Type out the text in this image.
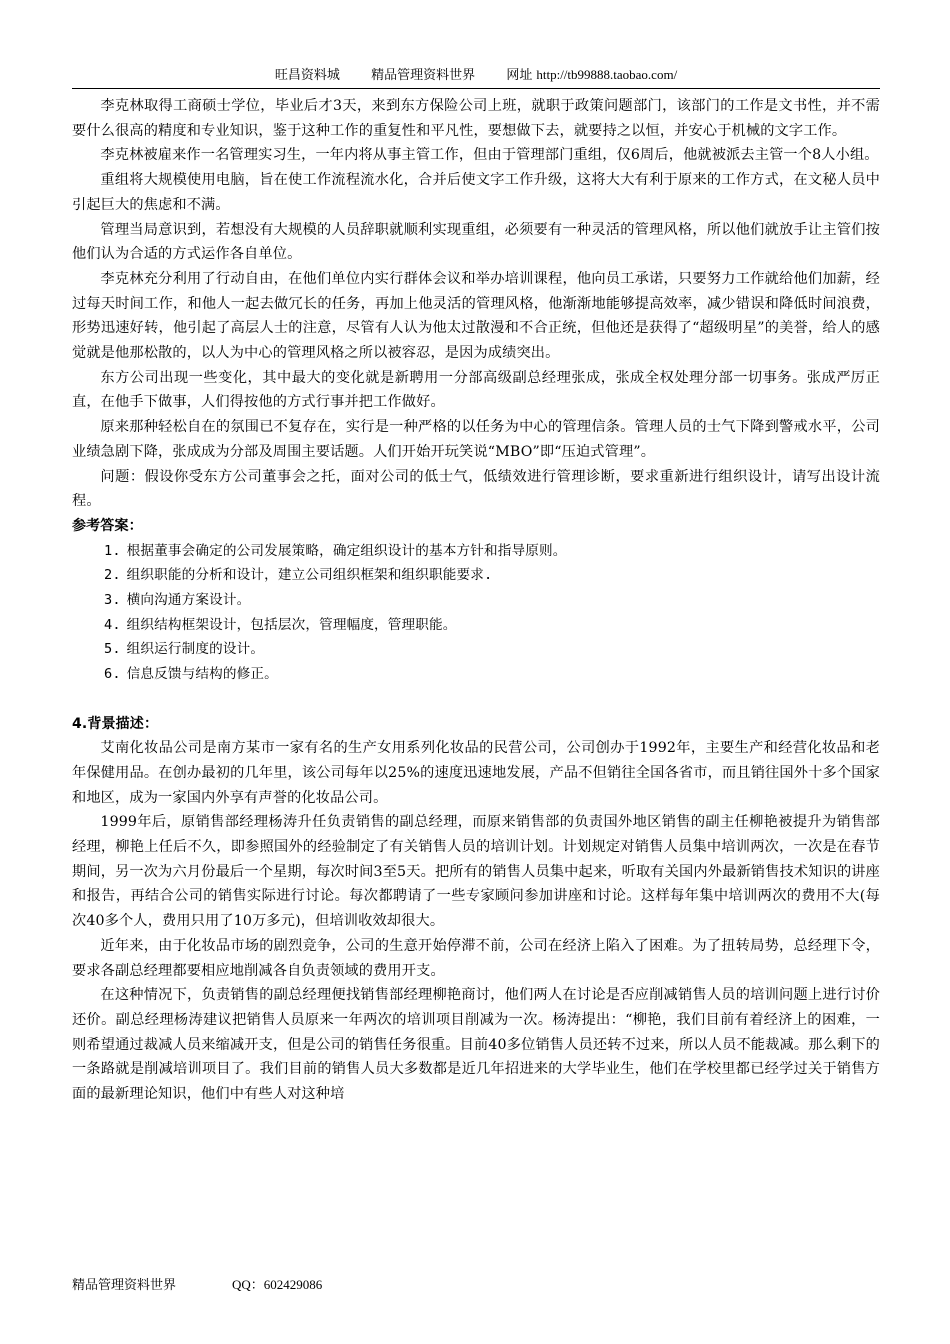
旺昌资料城 精品管理资料世界 网址 http://tb99888.taobao.com/

李克林取得工商硕士学位，毕业后才3天，来到东方保险公司上班，就职于政策问题部门，该部门的工作是文书性，并不需要什么很高的精度和专业知识，鉴于这种工作的重复性和平凡性，要想做下去，就要持之以恒，并安心于机械的文字工作。

李克林被雇来作一名管理实习生，一年内将从事主管工作，但由于管理部门重组，仅6周后，他就被派去主管一个8人小组。

重组将大规模使用电脑，旨在使工作流程流水化，合并后使文字工作升级，这将大大有利于原来的工作方式，在文秘人员中引起巨大的焦虑和不满。

管理当局意识到，若想没有大规模的人员辞职就顺利实现重组，必须要有一种灵活的管理风格，所以他们就放手让主管们按他们认为合适的方式运作各自单位。

李克林充分利用了行动自由，在他们单位内实行群体会议和举办培训课程，他向员工承诺，只要努力工作就给他们加薪，经过每天时间工作，和他人一起去做冗长的任务，再加上他灵活的管理风格，他渐渐地能够提高效率，减少错误和降低时间浪费，形势迅速好转，他引起了高层人士的注意，尽管有人认为他太过散漫和不合正统，但他还是获得了“超级明星”的美誉，给人的感觉就是他那松散的，以人为中心的管理风格之所以被容忍，是因为成绩突出。

东方公司出现一些变化，其中最大的变化就是新聘用一分部高级副总经理张成，张成全权处理分部一切事务。张成严厉正直，在他手下做事，人们得按他的方式行事并把工作做好。

原来那种轻松自在的氛围已不复存在，实行是一种严格的以任务为中心的管理信条。管理人员的士气下降到警戒水平，公司业绩急剧下降，张成成为分部及周围主要话题。人们开始开玩笑说“MBO”即“压迫式管理”。

问题：假设你受东方公司董事会之托，面对公司的低士气，低绩效进行管理诊断，要求重新进行组织设计，请写出设计流程。

参考答案：

1. 根据董事会确定的公司发展策略，确定组织设计的基本方针和指导原则。
2. 组织职能的分析和设计，建立公司组织框架和组织职能要求.
3. 横向沟通方案设计。
4. 组织结构框架设计，包括层次，管理幅度，管理职能。
5. 组织运行制度的设计。
6. 信息反馈与结构的修正。

4.背景描述：

艾南化妆品公司是南方某市一家有名的生产女用系列化妆品的民营公司，公司创办于1992年，主要生产和经营化妆品和老年保健用品。在创办最初的几年里，该公司每年以25%的速度迅速地发展，产品不但销往全国各省市，而且销往国外十多个国家和地区，成为一家国内外享有声誉的化妆品公司。

1999年后，原销售部经理杨涛升任负责销售的副总经理，而原来销售部的负责国外地区销售的副主任柳艳被提升为销售部经理，柳艳上任后不久，即参照国外的经验制定了有关销售人员的培训计划。计划规定对销售人员集中培训两次，一次是在春节期间，另一次为六月份最后一个星期，每次时间3至5天。把所有的销售人员集中起来，听取有关国内外最新销售技术知识的讲座和报告，再结合公司的销售实际进行讨论。每次都聘请了一些专家顾问参加讲座和讨论。这样每年集中培训两次的费用不大(每次40多个人，费用只用了10万多元)，但培训收效却很大。

近年来，由于化妆品市场的剧烈竞争，公司的生意开始停滞不前，公司在经济上陷入了困难。为了扭转局势，总经理下令，要求各副总经理都要相应地削减各自负责领域的费用开支。

在这种情况下，负责销售的副总经理便找销售部经理柳艳商讨，他们两人在讨论是否应削减销售人员的培训问题上进行讨价还价。副总经理杨涛建议把销售人员原来一年两次的培训项目削减为一次。杨涛提出：“柳艳，我们目前有着经济上的困难，一则希望通过裁减人员来缩减开支，但是公司的销售任务很重。目前40多位销售人员还转不过来，所以人员不能裁减。那么剩下的一条路就是削减培训项目了。我们目前的销售人员大多数都是近几年招进来的大学毕业生，他们在学校里都已经学过关于销售方面的最新理论知识，他们中有些人对这种培

精品管理资料世界	QQ：602429086
